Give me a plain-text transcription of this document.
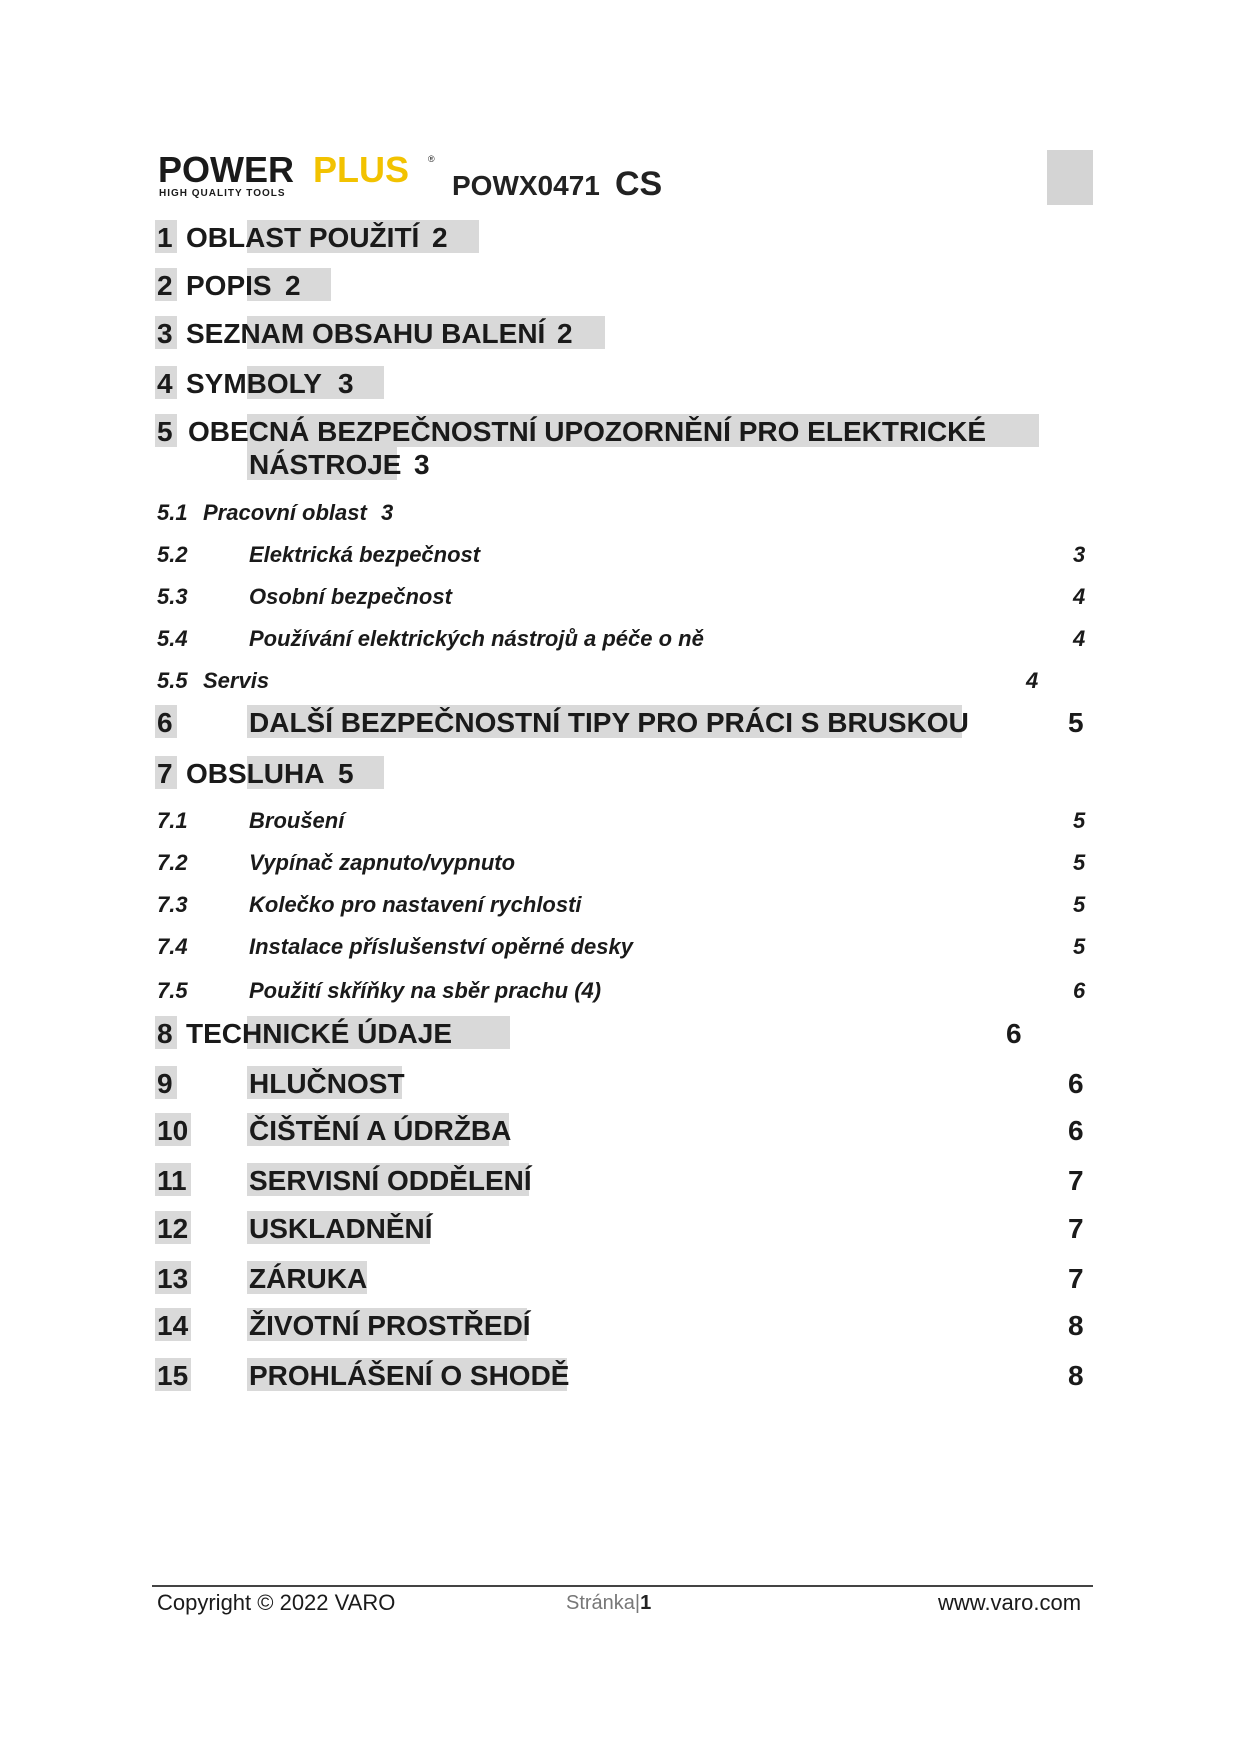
POWER PLUS ®
HIGH QUALITY TOOLS	POWX0471 CS
1 OBLAST POUŽITÍ 2
2 POPIS 2
3 SEZNAM OBSAHU BALENÍ 2
4 SYMBOLY 3
5 OBECNÁ BEZPEČNOSTNÍ UPOZORNĚNÍ PRO ELEKTRICKÉ
NÁSTROJE 3
5.1 Pracovní oblast 3
5.2	Elektrická bezpečnost	3
5.3	Osobní bezpečnost	4
5.4	Používání elektrických nástrojů a péče o ně	4
5.5 Servis	4
6	DALŠÍ BEZPEČNOSTNÍ TIPY PRO PRÁCI S BRUSKOU	5
7 OBSLUHA 5
7.1	Broušení	5
7.2	Vypínač zapnuto/vypnuto	5
7.3	Kolečko pro nastavení rychlosti	5
7.4	Instalace příslušenství opěrné desky	5
7.5	Použití skříňky na sběr prachu (4)	6
8 TECHNICKÉ ÚDAJE	6
9	HLUČNOST	6
10 ČIŠTĚNÍ A ÚDRŽBA	6
11 SERVISNÍ ODDĚLENÍ	7
12 USKLADNĚNÍ	7
13 ZÁRUKA	7
14 ŽIVOTNÍ PROSTŘEDÍ	8
15 PROHLÁŠENÍ O SHODĚ	8
Copyright © 2022 VARO	Stránka|1	www.varo.com
